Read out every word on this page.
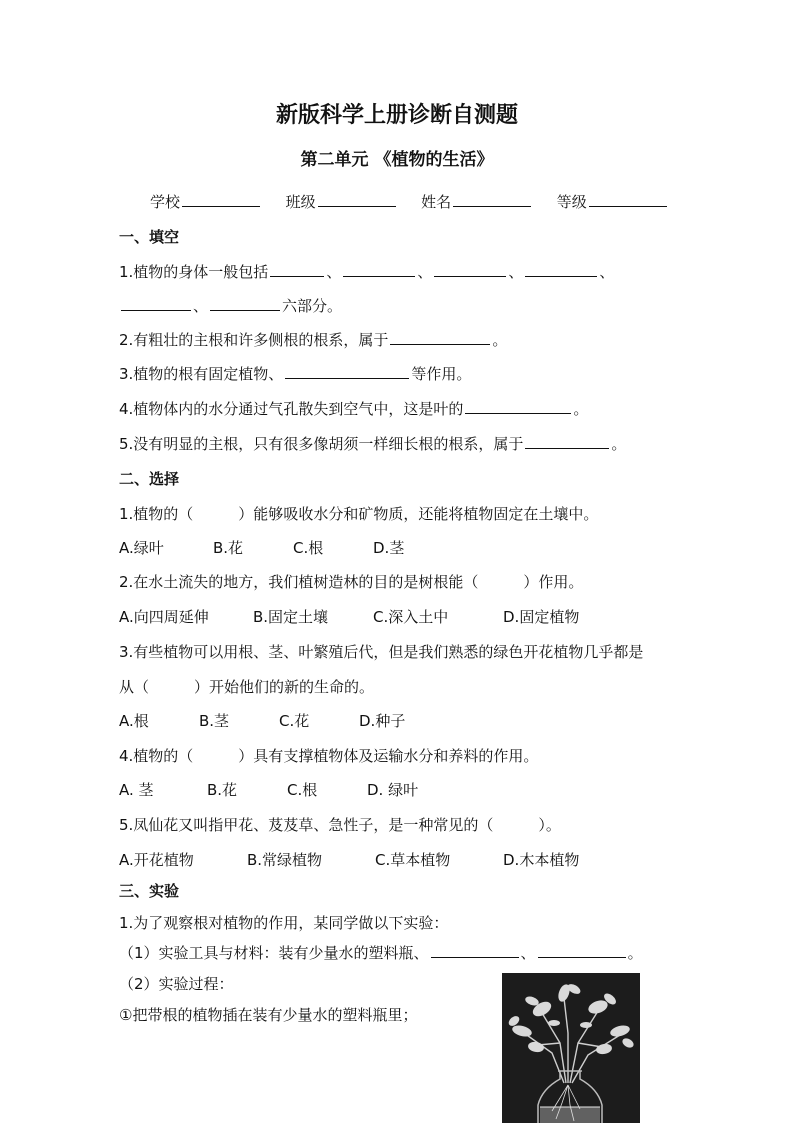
新版科学上册诊断自测题
第二单元 《植物的生活》
学校	班级	姓名	等级
一、填空
1.植物的身体一般包括	、	、	、	、
、	六部分。
2.有粗壮的主根和许多侧根的根系，属于	。
3.植物的根有固定植物、	等作用。
4.植物体内的水分通过气孔散失到空气中，这是叶的	。
5.没有明显的主根，只有很多像胡须一样细长根的根系，属于	。
二、选择
1.植物的（　　　）能够吸收水分和矿物质，还能将植物固定在土壤中。
A.绿叶	B.花	C.根	D.茎
2.在水土流失的地方，我们植树造林的目的是树根能（　　　）作用。
A.向四周延伸	B.固定土壤	C.深入土中	D.固定植物
3.有些植物可以用根、茎、叶繁殖后代，但是我们熟悉的绿色开花植物几乎都是
从（　　　）开始他们的新的生命的。
A.根	B.茎	C.花	D.种子
4.植物的（　　　）具有支撑植物体及运输水分和养料的作用。
A. 茎	B.花	C.根	D. 绿叶
5.凤仙花又叫指甲花、芨芨草、急性子，是一种常见的（　　　）。
A.开花植物	B.常绿植物	C.草本植物	D.木本植物
三、实验
1.为了观察根对植物的作用，某同学做以下实验：
（1）实验工具与材料：装有少量水的塑料瓶、	、	。
（2）实验过程：
①把带根的植物插在装有少量水的塑料瓶里；
